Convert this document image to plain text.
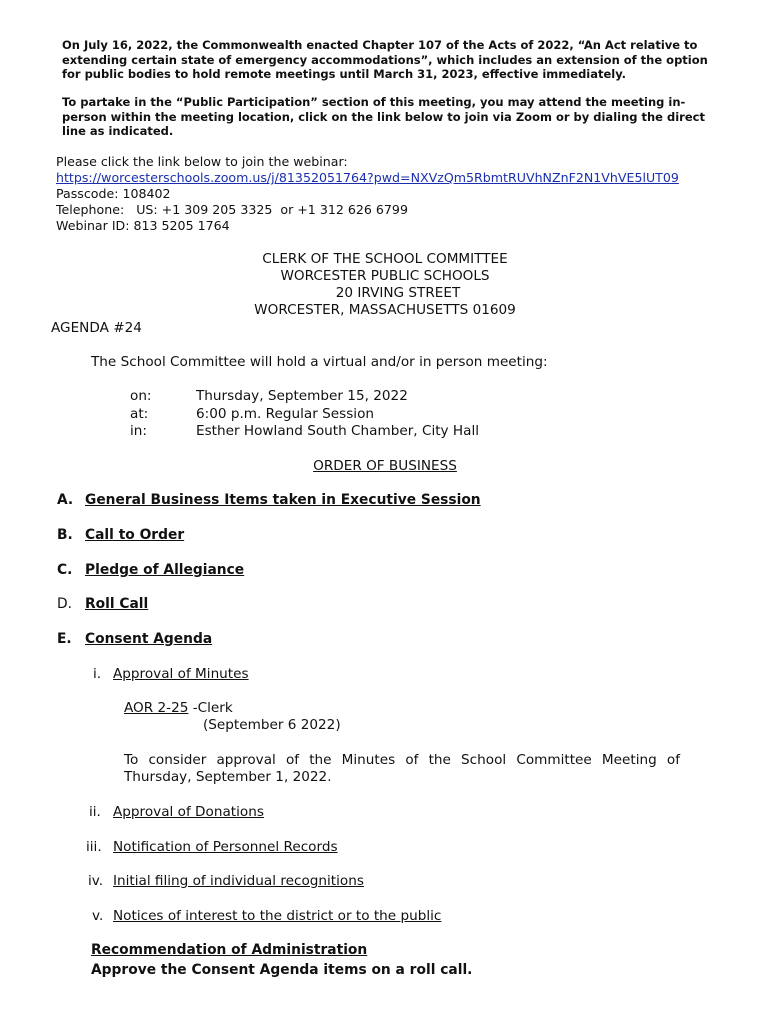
On July 16, 2022, the Commonwealth enacted Chapter 107 of the Acts of 2022, “An Act relative to extending certain state of emergency accommodations”, which includes an extension of the option for public bodies to hold remote meetings until March 31, 2023, effective immediately.
To partake in the “Public Participation” section of this meeting, you may attend the meeting in-person within the meeting location, click on the link below to join via Zoom or by dialing the direct line as indicated.
Please click the link below to join the webinar:
https://worcesterschools.zoom.us/j/81352051764?pwd=NXVzQm5RbmtRUVhNZnF2N1VhVE5lUT09
Passcode: 108402
Telephone:   US: +1 309 205 3325  or +1 312 626 6799
Webinar ID: 813 5205 1764
CLERK OF THE SCHOOL COMMITTEE
WORCESTER PUBLIC SCHOOLS
20 IRVING STREET
WORCESTER, MASSACHUSETTS 01609
AGENDA #24
The School Committee will hold a virtual and/or in person meeting:
on:	Thursday, September 15, 2022
at:	6:00 p.m. Regular Session
in:	Esther Howland South Chamber, City Hall
ORDER OF BUSINESS
A. General Business Items taken in Executive Session
B. Call to Order
C. Pledge of Allegiance
D. Roll Call
E. Consent Agenda
i. Approval of Minutes
AOR 2-25 -Clerk
(September 6 2022)
To consider approval of the Minutes of the School Committee Meeting of Thursday, September 1, 2022.
ii. Approval of Donations
iii. Notification of Personnel Records
iv. Initial filing of individual recognitions
v. Notices of interest to the district or to the public
Recommendation of Administration
Approve the Consent Agenda items on a roll call.
